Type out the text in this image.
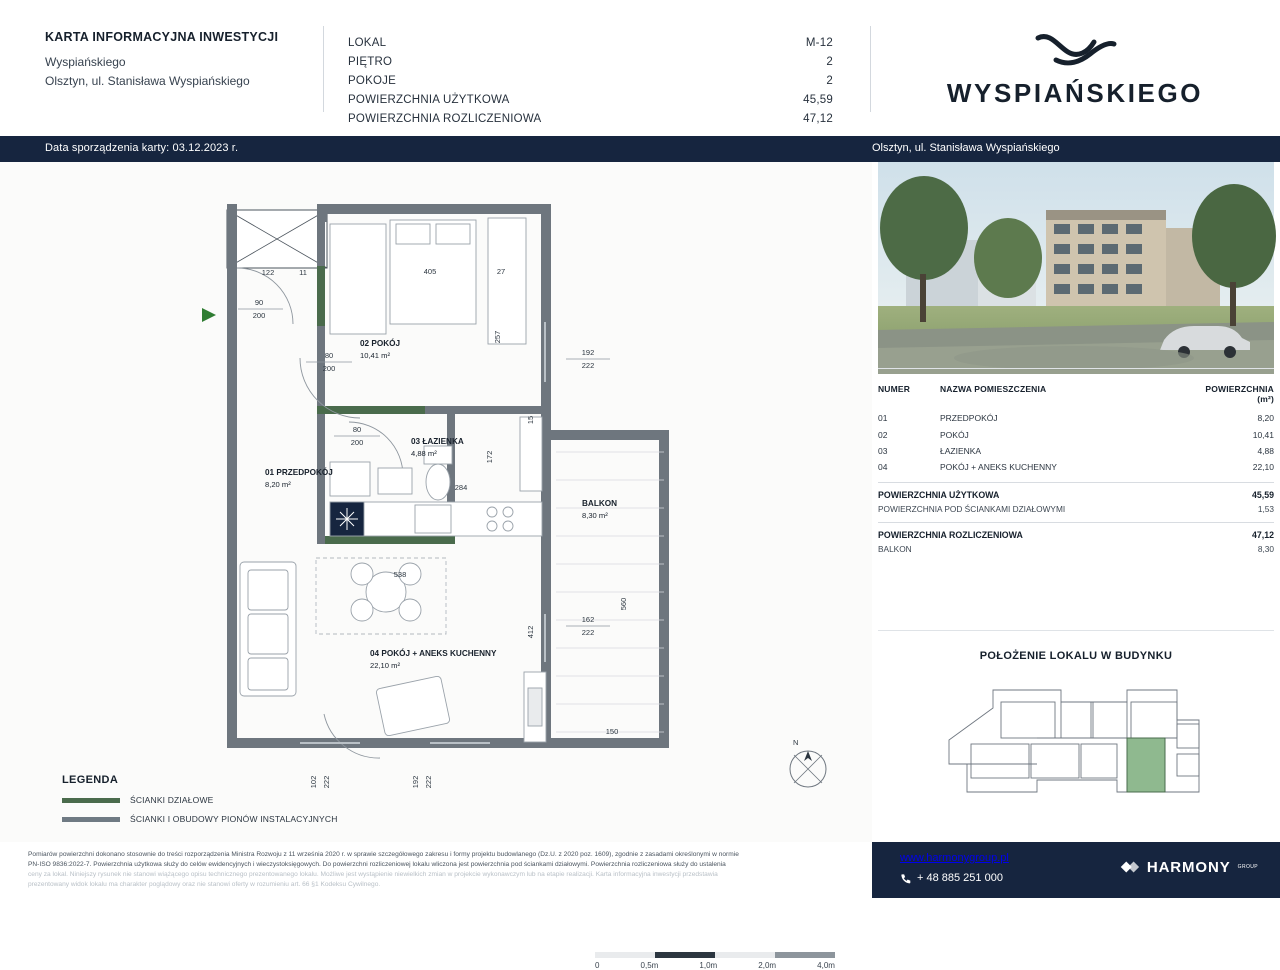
KARTA INFORMACYJNA INWESTYCJI
Wyspiańskiego
Olsztyn, ul. Stanisława Wyspiańskiego
LOKAL	M-12
PIĘTRO	2
POKOJE	2
POWIERZCHNIA UŻYTKOWA	45,59
POWIERZCHNIA ROZLICZENIOWA	47,12
WYSPIAŃSKIEGO
Data sporządzenia karty: 03.12.2023 r.	Olsztyn, ul. Stanisława Wyspiańskiego
122	11	405	27
90
200
80
200
80
200
257
192
222
15
172
284
538
560
162
222
412
150
102 222	192 222
02 POKÓJ
10,41 m²
03 ŁAZIENKA
4,88 m²
01 PRZEDPOKÓJ
8,20 m²
BALKON
8,30 m²
04 POKÓJ + ANEKS KUCHENNY
22,10 m²
N
LEGENDA
ŚCIANKI DZIAŁOWE
ŚCIANKI I OBUDOWY PIONÓW INSTALACYJNYCH
0	0,5m	1,0m	2,0m	4,0m
NUMER	NAZWA POMIESZCZENIA	POWIERZCHNIA (m²)
01	PRZEDPOKÓJ	8,20
02	POKÓJ	10,41
03	ŁAZIENKA	4,88
04	POKÓJ + ANEKS KUCHENNY	22,10
POWIERZCHNIA UŻYTKOWA	45,59
POWIERZCHNIA POD ŚCIANKAMI DZIAŁOWYMI	1,53
POWIERZCHNIA ROZLICZENIOWA	47,12
BALKON	8,30
POŁOŻENIE LOKALU W BUDYNKU
Pomiarów powierzchni dokonano stosownie do treści rozporządzenia Ministra Rozwoju z 11 września 2020 r. w sprawie szczegółowego zakresu i formy projektu budowlanego (Dz.U. z 2020 poz. 1609), zgodnie z zasadami określonymi w normie
PN-ISO 9836:2022-7. Powierzchnia użytkowa służy do celów ewidencyjnych i wieczystoksięgowych. Do powierzchni rozliczeniowej lokalu wliczona jest powierzchnia pod ściankami działowymi. Powierzchnia rozliczeniowa służy do ustalenia
ceny za lokal. Niniejszy rysunek nie stanowi wiążącego opisu technicznego prezentowanego lokalu. Możliwe jest wystąpienie niewielkich zmian w projekcie wykonawczym lub na etapie realizacji. Karta informacyjna inwestycji przedstawia
prezentowany widok lokalu ma charakter poglądowy oraz nie stanowi oferty w rozumieniu art. 66 §1 Kodeksu Cywilnego.
www.harmonygroup.pl
+ 48 885 251 000
HARMONY GROUP
